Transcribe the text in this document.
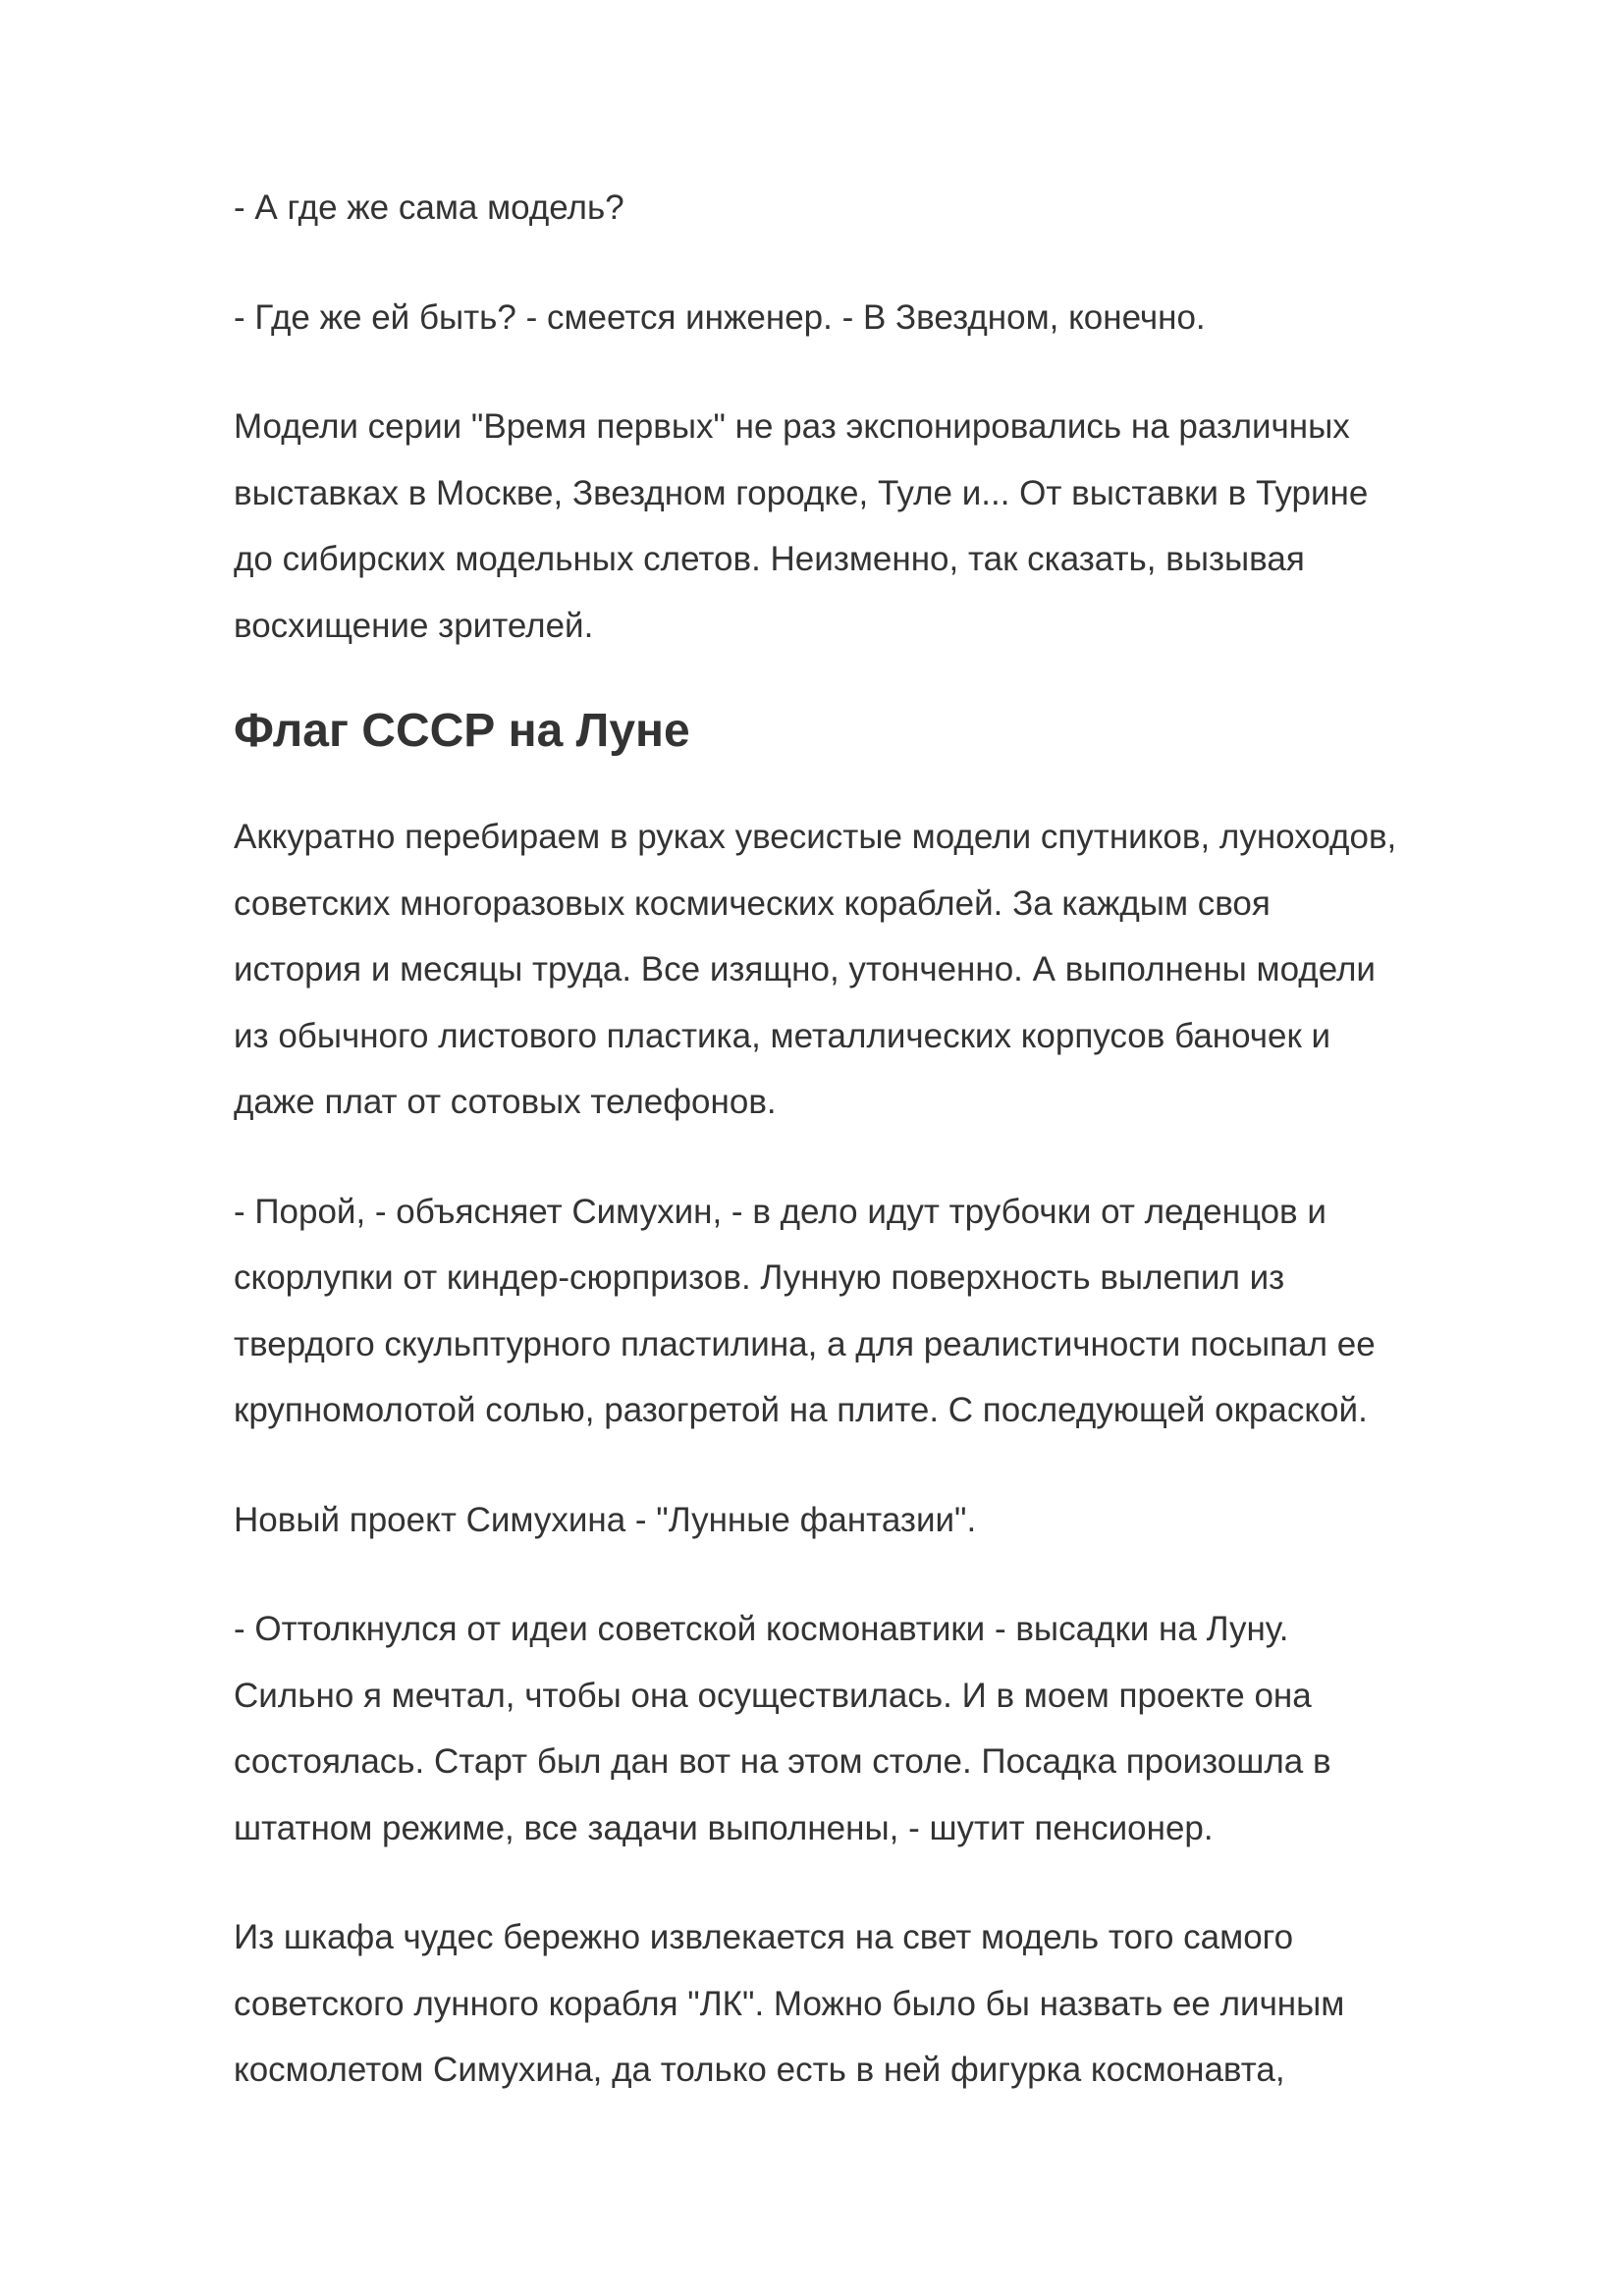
- А где же сама модель?

- Где же ей быть? - смеется инженер. - В Звездном, конечно.

Модели серии "Время первых" не раз экспонировались на различных
выставках в Москве, Звездном городке, Туле и... От выставки в Турине
до сибирских модельных слетов. Неизменно, так сказать, вызывая
восхищение зрителей.

Флаг СССР на Луне

Аккуратно перебираем в руках увесистые модели спутников, луноходов,
советских многоразовых космических кораблей. За каждым своя
история и месяцы труда. Все изящно, утонченно. А выполнены модели
из обычного листового пластика, металлических корпусов баночек и
даже плат от сотовых телефонов.

- Порой, - объясняет Симухин, - в дело идут трубочки от леденцов и
скорлупки от киндер-сюрпризов. Лунную поверхность вылепил из
твердого скульптурного пластилина, а для реалистичности посыпал ее
крупномолотой солью, разогретой на плите. С последующей окраской.

Новый проект Симухина - "Лунные фантазии".

- Оттолкнулся от идеи советской космонавтики - высадки на Луну.
Сильно я мечтал, чтобы она осуществилась. И в моем проекте она
состоялась. Старт был дан вот на этом столе. Посадка произошла в
штатном режиме, все задачи выполнены, - шутит пенсионер.

Из шкафа чудес бережно извлекается на свет модель того самого
советского лунного корабля "ЛК". Можно было бы назвать ее личным
космолетом Симухина, да только есть в ней фигурка космонавта,
